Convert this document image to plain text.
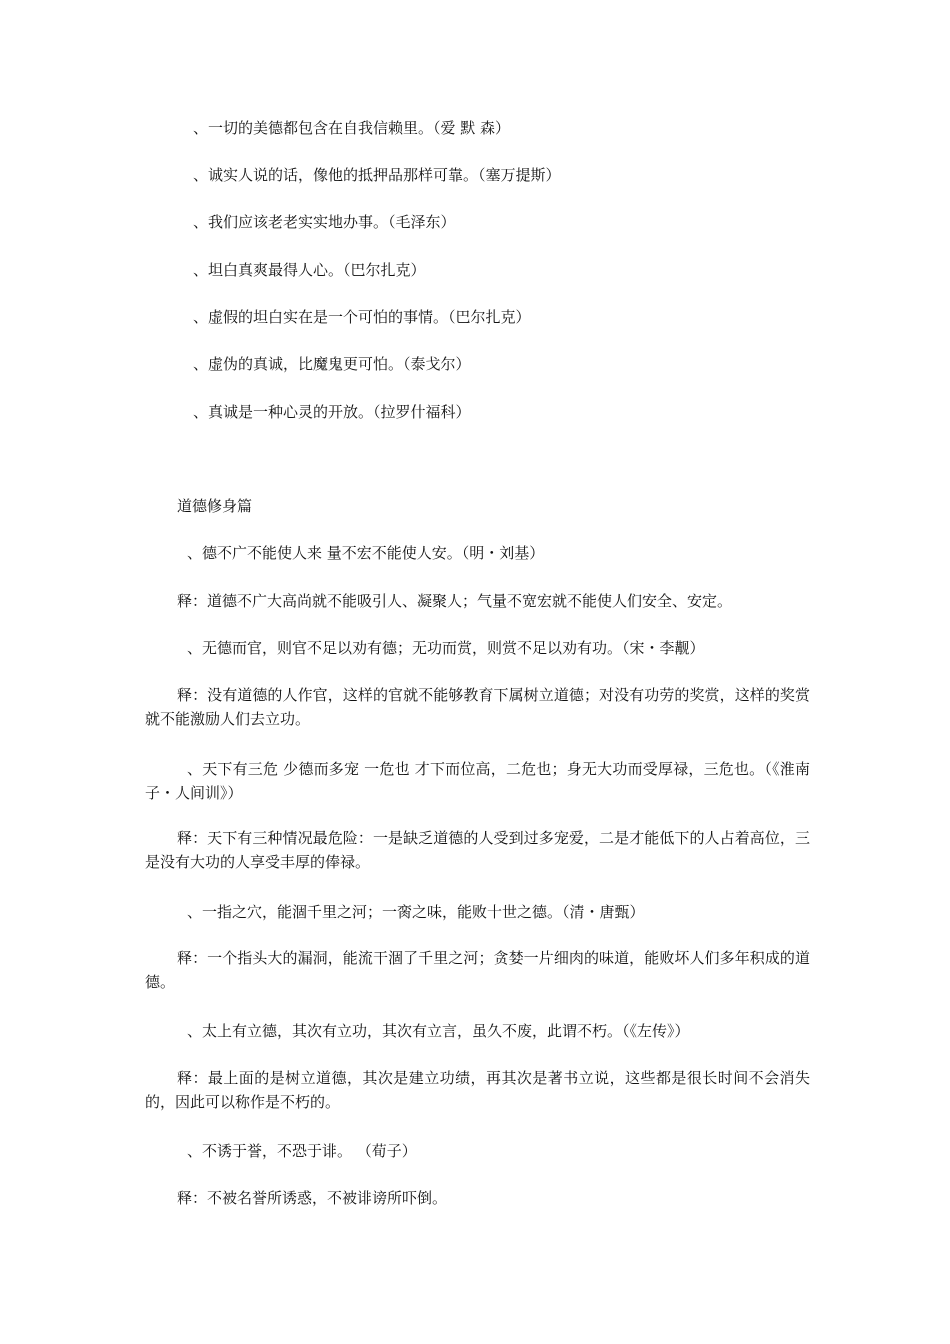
、一切的美德都包含在自我信赖里。（爱 默 森）
、诚实人说的话，像他的抵押品那样可靠。（塞万提斯）
、我们应该老老实实地办事。（毛泽东）
、坦白真爽最得人心。（巴尔扎克）
、虚假的坦白实在是一个可怕的事情。（巴尔扎克）
、虚伪的真诚，比魔鬼更可怕。（泰戈尔）
、真诚是一种心灵的开放。（拉罗什福科）
道德修身篇
、德不广不能使人来 量不宏不能使人安。（明・刘基）
释：道德不广大高尚就不能吸引人、凝聚人；气量不宽宏就不能使人们安全、安定。
、无德而官，则官不足以劝有德；无功而赏，则赏不足以劝有功。（宋・李觏）
释：没有道德的人作官，这样的官就不能够教育下属树立道德；对没有功劳的奖赏，这样的奖赏就不能激励人们去立功。
、天下有三危 少德而多宠 一危也 才下而位高，二危也；身无大功而受厚禄，三危也。（《淮南子・人间训》）
释：天下有三种情况最危险：一是缺乏道德的人受到过多宠爱，二是才能低下的人占着高位，三是没有大功的人享受丰厚的俸禄。
、一指之穴，能涸千里之河；一脔之味，能败十世之德。（清・唐甄）
释：一个指头大的漏洞，能流干涸了千里之河；贪婪一片细肉的味道，能败坏人们多年积成的道德。
、太上有立德，其次有立功，其次有立言，虽久不废，此谓不朽。（《左传》）
释：最上面的是树立道德，其次是建立功绩，再其次是著书立说，这些都是很长时间不会消失的，因此可以称作是不朽的。
、不诱于誉，不恐于诽。 （荀子）
释：不被名誉所诱惑，不被诽谤所吓倒。
